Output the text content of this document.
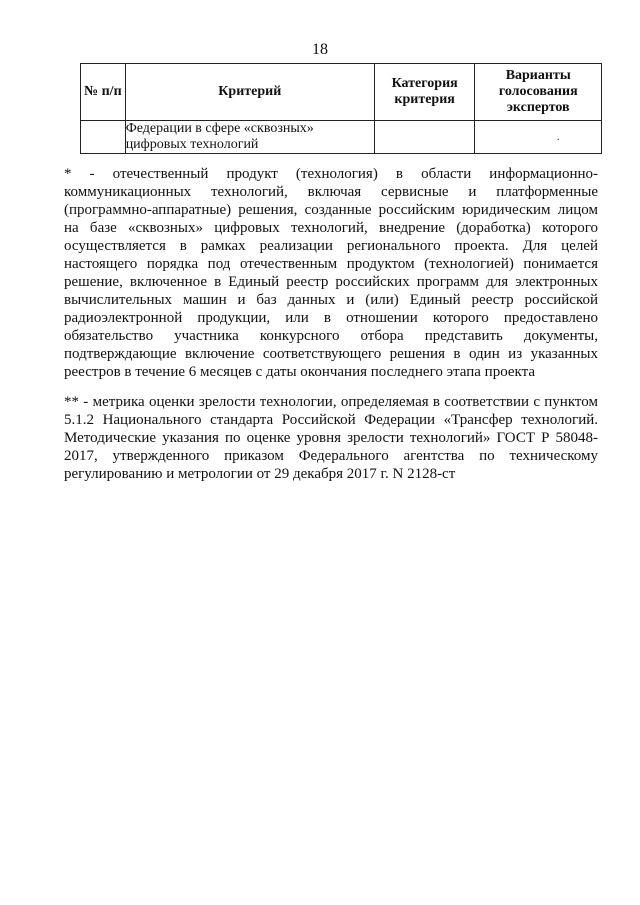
18
№ п/п	Критерий	Категория критерия	Варианты голосования экспертов
	Федерации в сфере «сквозных» цифровых технологий		.
* - отечественный продукт (технология) в области информационно-коммуникационных технологий, включая сервисные и платформенные (программно-аппаратные) решения, созданные российским юридическим лицом на базе «сквозных» цифровых технологий, внедрение (доработка) которого осуществляется в рамках реализации регионального проекта. Для целей настоящего порядка под отечественным продуктом (технологией) понимается решение, включенное в Единый реестр российских программ для электронных вычислительных машин и баз данных и (или) Единый реестр российской радиоэлектронной продукции, или в отношении которого предоставлено обязательство участника конкурсного отбора представить документы, подтверждающие включение соответствующего решения в один из указанных реестров в течение 6 месяцев с даты окончания последнего этапа проекта
** - метрика оценки зрелости технологии, определяемая в соответствии с пунктом 5.1.2 Национального стандарта Российской Федерации «Трансфер технологий. Методические указания по оценке уровня зрелости технологий» ГОСТ Р 58048-2017, утвержденного приказом Федерального агентства по техническому регулированию и метрологии от 29 декабря 2017 г. N 2128-ст
